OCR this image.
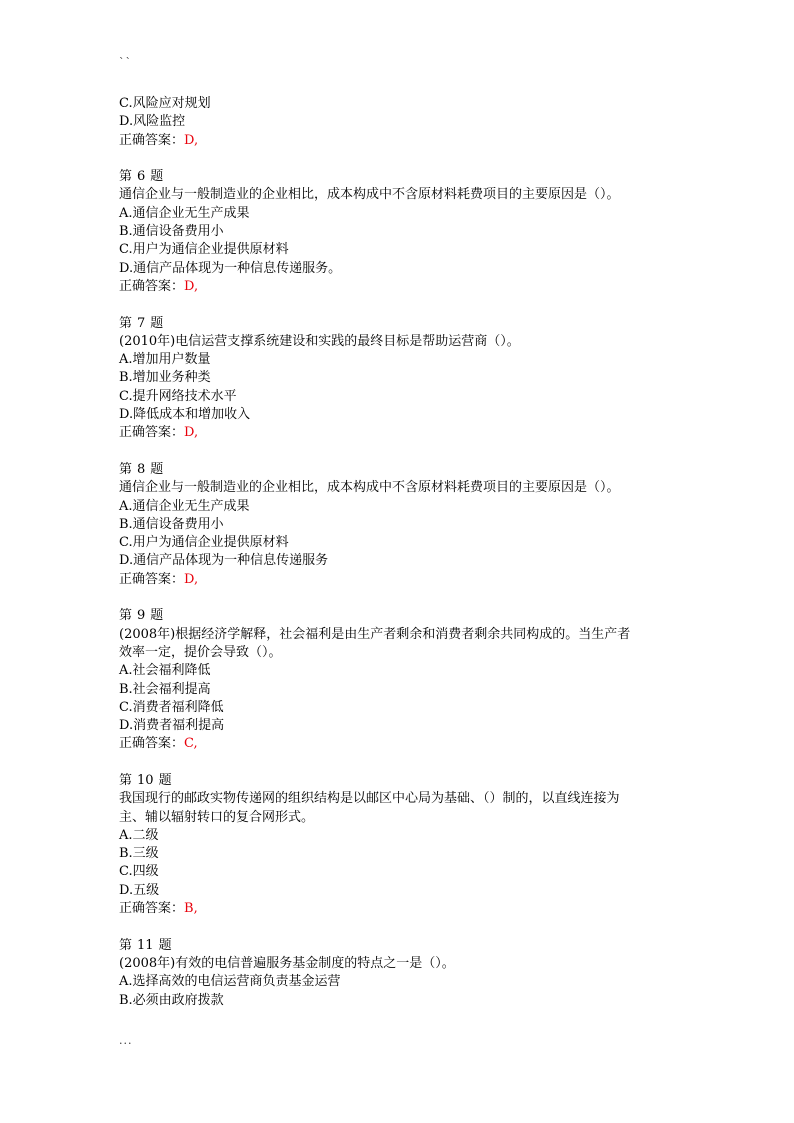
``

C.风险应对规划

D.风险监控

正确答案：D,

第 6 题

通信企业与一般制造业的企业相比，成本构成中不含原材料耗费项目的主要原因是（）。

A.通信企业无生产成果

B.通信设备费用小

C.用户为通信企业提供原材料

D.通信产品体现为一种信息传递服务。

正确答案：D,

第 7 题

(2010年)电信运营支撑系统建设和实践的最终目标是帮助运营商（）。

A.增加用户数量

B.增加业务种类

C.提升网络技术水平

D.降低成本和增加收入

正确答案：D,

第 8 题

通信企业与一般制造业的企业相比，成本构成中不含原材料耗费项目的主要原因是（）。

A.通信企业无生产成果

B.通信设备费用小

C.用户为通信企业提供原材料

D.通信产品体现为一种信息传递服务

正确答案：D,

第 9 题

(2008年)根据经济学解释，社会福利是由生产者剩余和消费者剩余共同构成的。当生产者

效率一定，提价会导致（）。

A.社会福利降低

B.社会福利提高

C.消费者福利降低

D.消费者福利提高

正确答案：C,

第 10 题

我国现行的邮政实物传递网的组织结构是以邮区中心局为基础、（）制的，以直线连接为

主、辅以辐射转口的复合网形式。

A.二级

B.三级

C.四级

D.五级

正确答案：B,

第 11 题

(2008年)有效的电信普遍服务基金制度的特点之一是（）。

A.选择高效的电信运营商负责基金运营

B.必须由政府拨款

...
